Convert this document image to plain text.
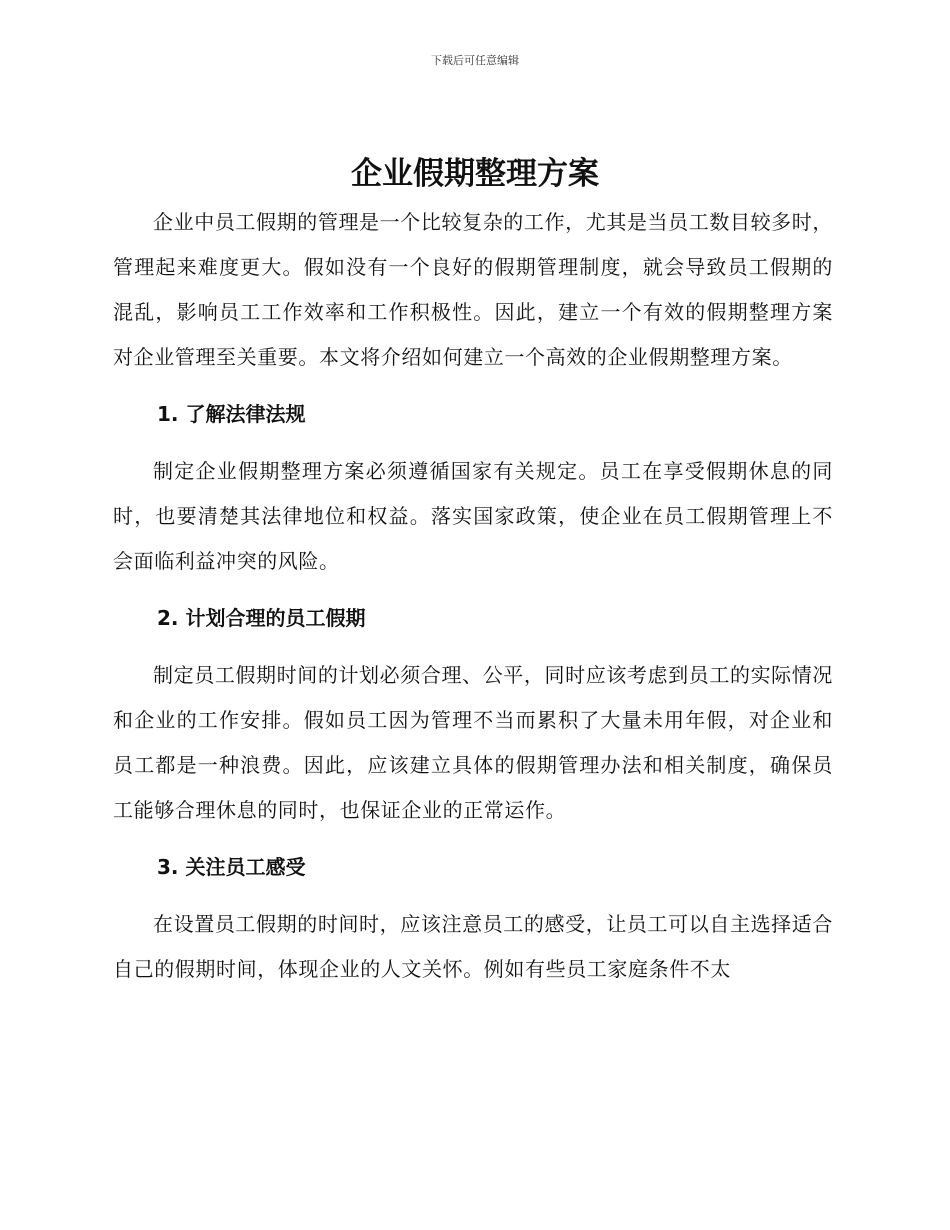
下载后可任意编辑
企业假期整理方案

企业中员工假期的管理是一个比较复杂的工作，尤其是当员工数目较多时，管理起来难度更大。假如没有一个良好的假期管理制度，就会导致员工假期的混乱，影响员工工作效率和工作积极性。因此，建立一个有效的假期整理方案对企业管理至关重要。本文将介绍如何建立一个高效的企业假期整理方案。

1. 了解法律法规

制定企业假期整理方案必须遵循国家有关规定。员工在享受假期休息的同时，也要清楚其法律地位和权益。落实国家政策，使企业在员工假期管理上不会面临利益冲突的风险。

2. 计划合理的员工假期

制定员工假期时间的计划必须合理、公平，同时应该考虑到员工的实际情况和企业的工作安排。假如员工因为管理不当而累积了大量未用年假，对企业和员工都是一种浪费。因此，应该建立具体的假期管理办法和相关制度，确保员工能够合理休息的同时，也保证企业的正常运作。

3. 关注员工感受

在设置员工假期的时间时，应该注意员工的感受，让员工可以自主选择适合自己的假期时间，体现企业的人文关怀。例如有些员工家庭条件不太
